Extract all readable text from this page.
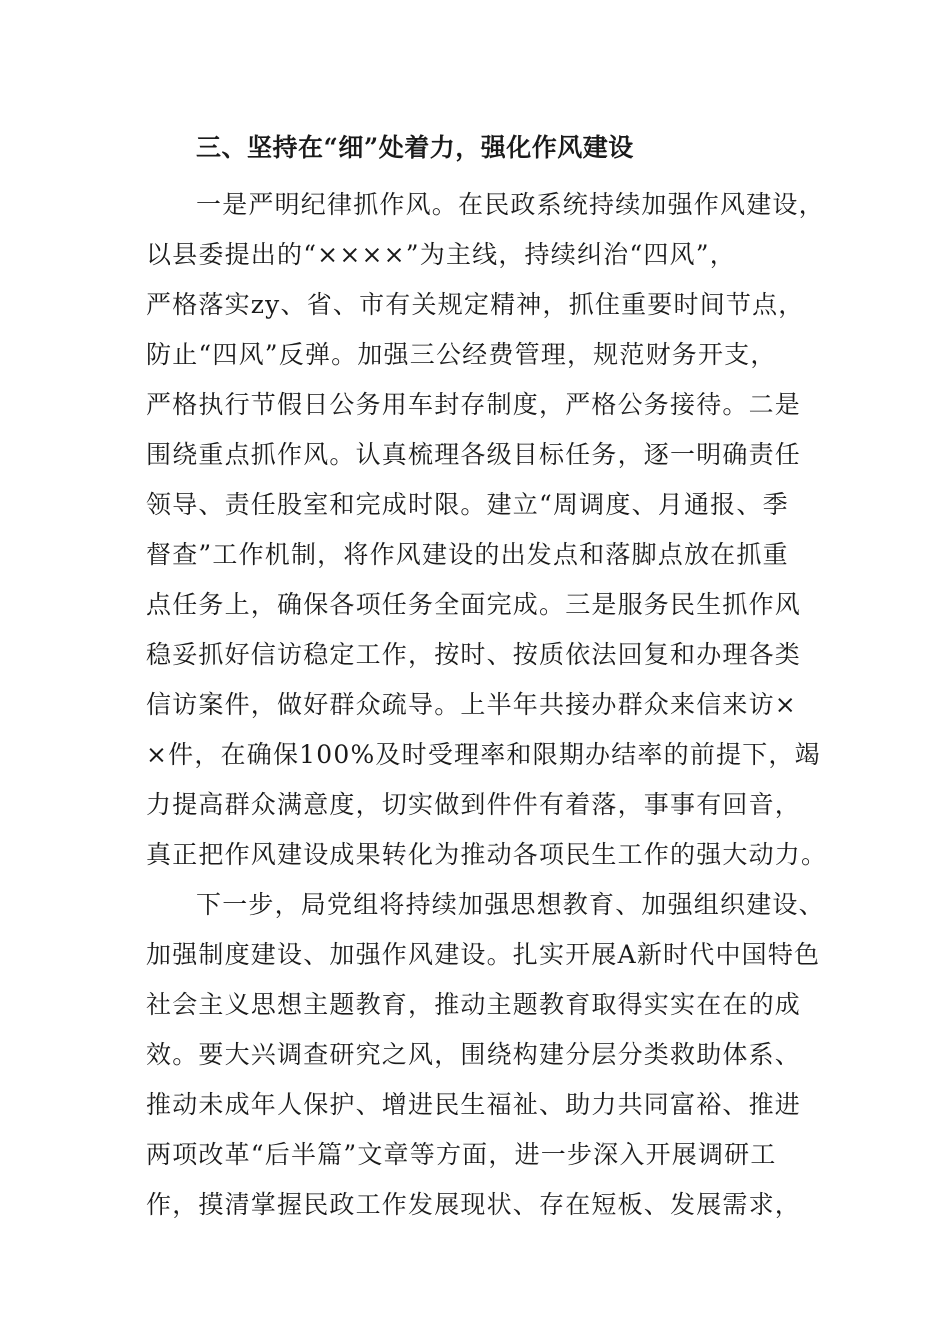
三、坚持在“细”处着力，强化作风建设
一是严明纪律抓作风。在民政系统持续加强作风建设，
以县委提出的“××××”为主线，持续纠治“四风”，
严格落实zy、省、市有关规定精神，抓住重要时间节点，
防止“四风”反弹。加强三公经费管理，规范财务开支，
严格执行节假日公务用车封存制度，严格公务接待。二是
围绕重点抓作风。认真梳理各级目标任务，逐一明确责任
领导、责任股室和完成时限。建立“周调度、月通报、季
督查”工作机制，将作风建设的出发点和落脚点放在抓重
点任务上，确保各项任务全面完成。三是服务民生抓作风
稳妥抓好信访稳定工作，按时、按质依法回复和办理各类
信访案件，做好群众疏导。上半年共接办群众来信来访×
×件，在确保100%及时受理率和限期办结率的前提下，竭
力提高群众满意度，切实做到件件有着落，事事有回音，
真正把作风建设成果转化为推动各项民生工作的强大动力。
下一步，局党组将持续加强思想教育、加强组织建设、
加强制度建设、加强作风建设。扎实开展A新时代中国特色
社会主义思想主题教育，推动主题教育取得实实在在的成
效。要大兴调查研究之风，围绕构建分层分类救助体系、
推动未成年人保护、增进民生福祉、助力共同富裕、推进
两项改革“后半篇”文章等方面，进一步深入开展调研工
作，摸清掌握民政工作发展现状、存在短板、发展需求，
